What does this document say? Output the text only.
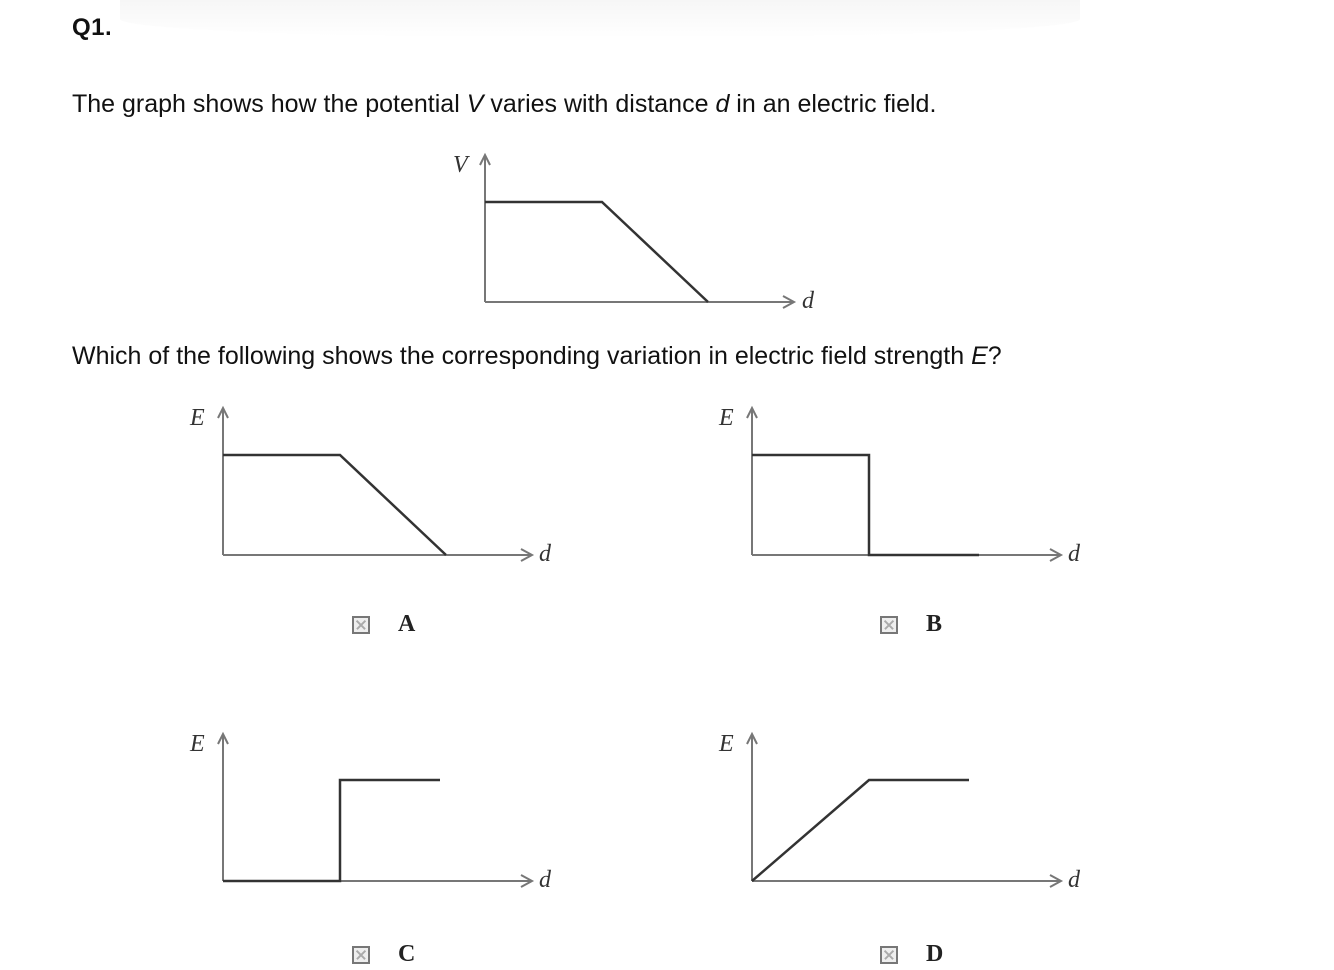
Q1.
The graph shows how the potential V varies with distance d in an electric field.
V
d
Which of the following shows the corresponding variation in electric field strength E?
E
d
E
d
E
d
E
d
A	B
C	D
